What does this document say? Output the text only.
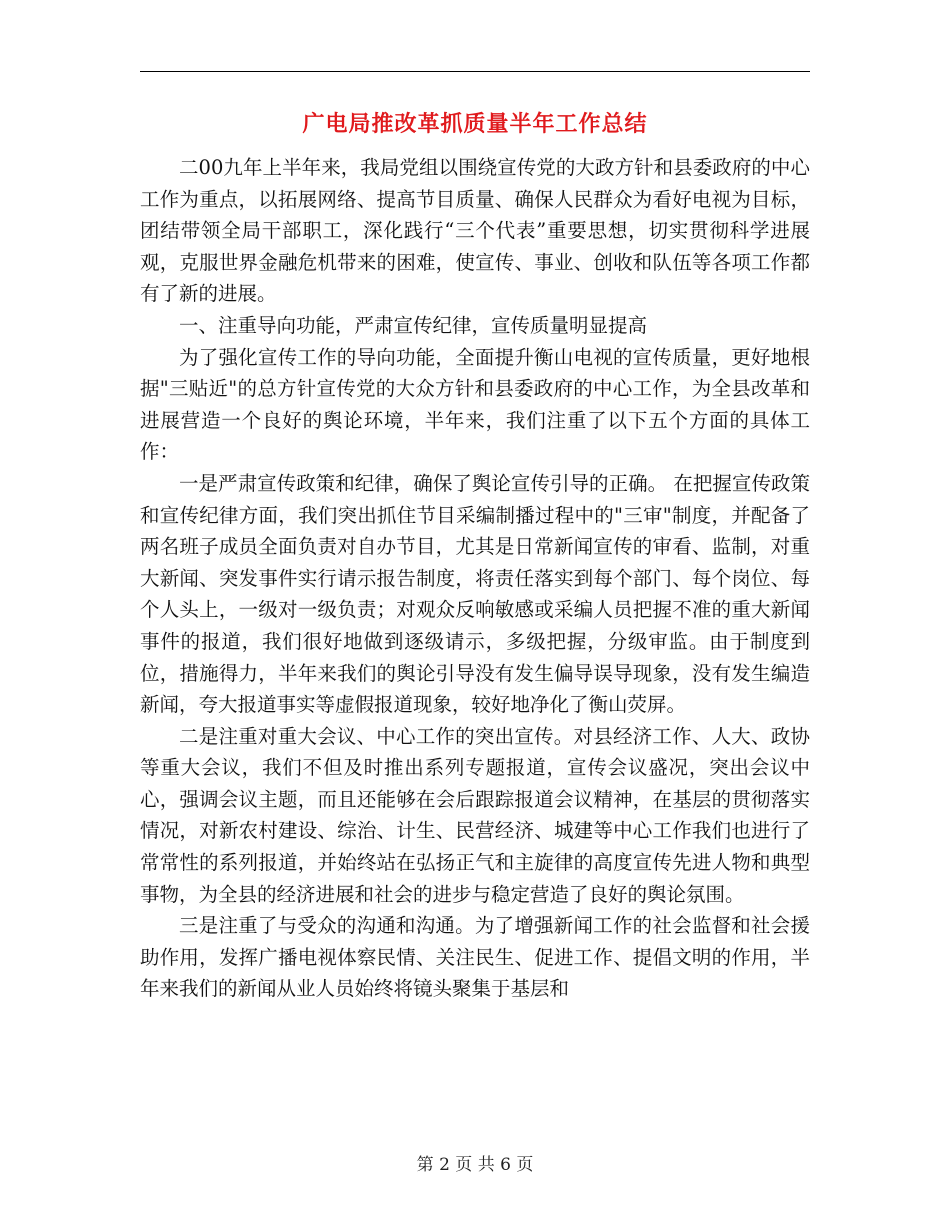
广电局推改革抓质量半年工作总结

二00九年上半年来，我局党组以围绕宣传党的大政方针和县委政府的中心工作为重点，以拓展网络、提高节目质量、确保人民群众为看好电视为目标，团结带领全局干部职工，深化践行“三个代表”重要思想，切实贯彻科学进展观，克服世界金融危机带来的困难，使宣传、事业、创收和队伍等各项工作都有了新的进展。

一、注重导向功能，严肃宣传纪律，宣传质量明显提高

为了强化宣传工作的导向功能，全面提升衡山电视的宣传质量，更好地根据"三贴近"的总方针宣传党的大众方针和县委政府的中心工作，为全县改革和进展营造一个良好的舆论环境，半年来，我们注重了以下五个方面的具体工作：

一是严肃宣传政策和纪律，确保了舆论宣传引导的正确。 在把握宣传政策和宣传纪律方面，我们突出抓住节目采编制播过程中的"三审"制度，并配备了两名班子成员全面负责对自办节目，尤其是日常新闻宣传的审看、监制，对重大新闻、突发事件实行请示报告制度，将责任落实到每个部门、每个岗位、每个人头上，一级对一级负责；对观众反响敏感或采编人员把握不准的重大新闻事件的报道，我们很好地做到逐级请示，多级把握，分级审监。由于制度到位，措施得力，半年来我们的舆论引导没有发生偏导误导现象，没有发生编造新闻，夸大报道事实等虚假报道现象，较好地净化了衡山荧屏。

二是注重对重大会议、中心工作的突出宣传。对县经济工作、人大、政协等重大会议，我们不但及时推出系列专题报道，宣传会议盛况，突出会议中心，强调会议主题，而且还能够在会后跟踪报道会议精神，在基层的贯彻落实情况，对新农村建设、综治、计生、民营经济、城建等中心工作我们也进行了常常性的系列报道，并始终站在弘扬正气和主旋律的高度宣传先进人物和典型事物，为全县的经济进展和社会的进步与稳定营造了良好的舆论氛围。

三是注重了与受众的沟通和沟通。为了增强新闻工作的社会监督和社会援助作用，发挥广播电视体察民情、关注民生、促进工作、提倡文明的作用，半年来我们的新闻从业人员始终将镜头聚集于基层和

第 2 页 共 6 页
